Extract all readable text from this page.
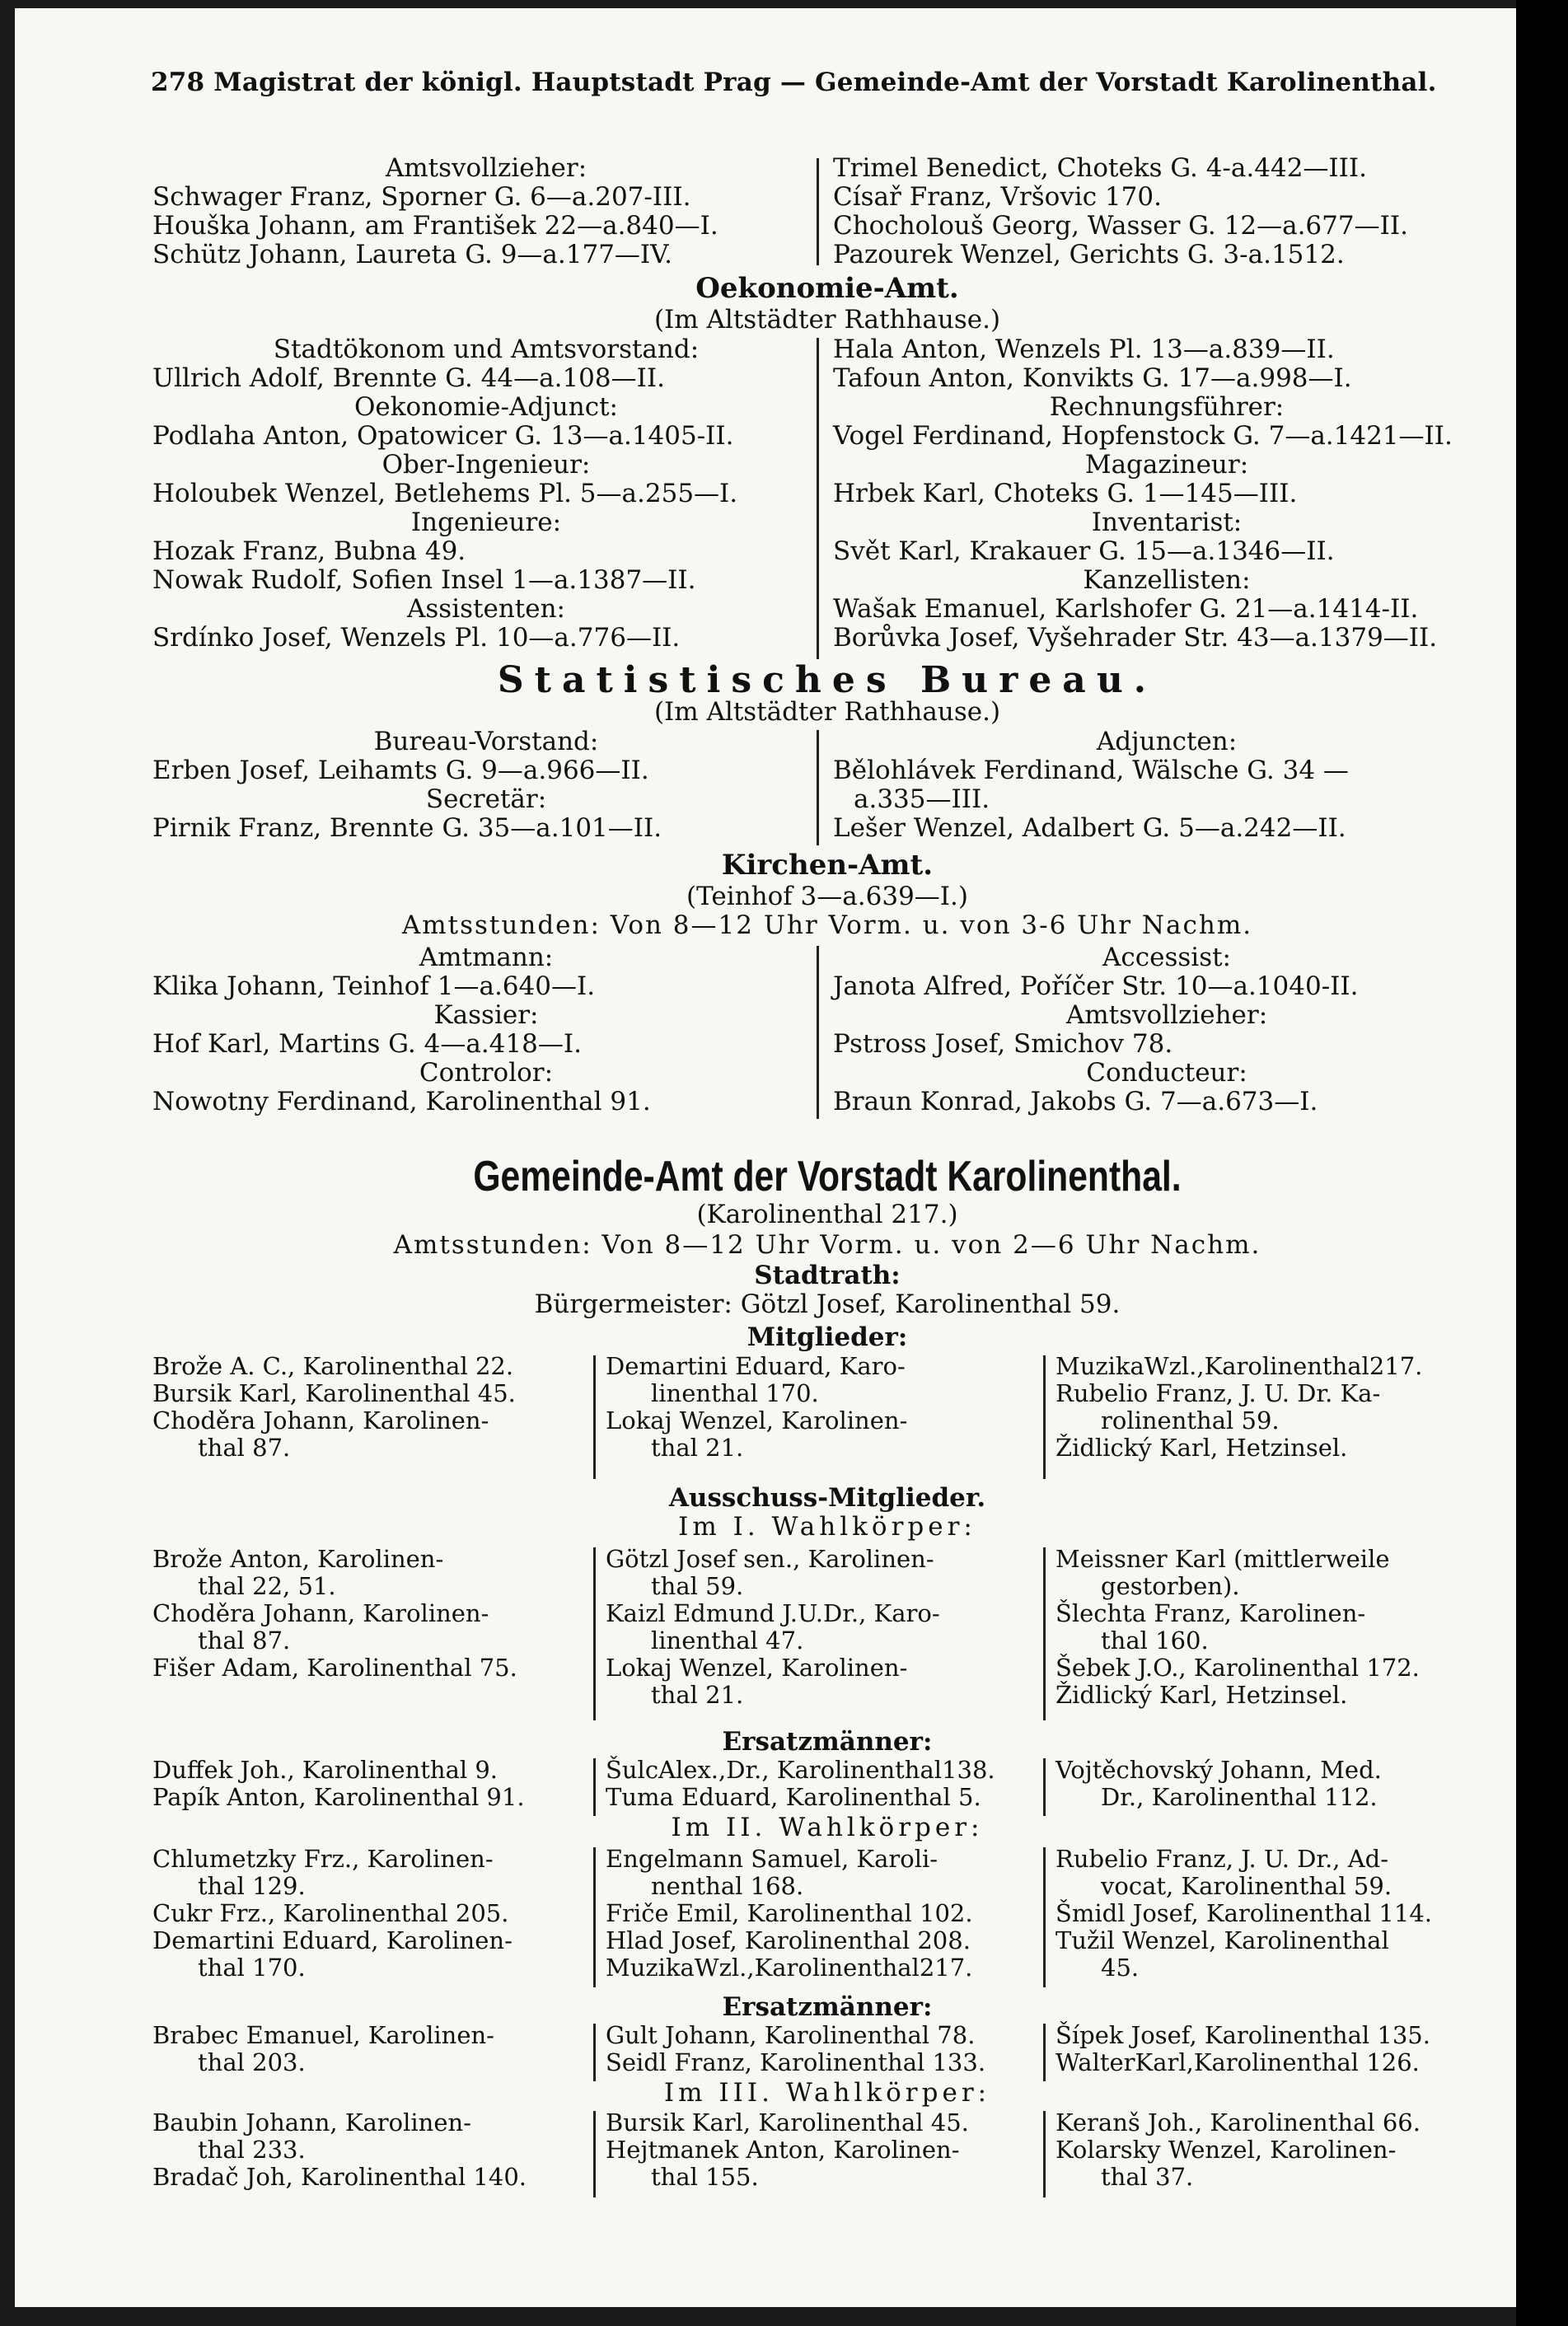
278 Magistrat der königl. Hauptstadt Prag — Gemeinde-Amt der Vorstadt Karolinenthal.
Amtsvollzieher:
Schwager Franz, Sporner G. 6—a.207-III.
Houška Johann, am František 22—a.840—I.
Schütz Johann, Laureta G. 9—a.177—IV.
Trimel Benedict, Choteks G. 4-a.442—III.
Císař Franz, Vršovic 170.
Chocholouš Georg, Wasser G. 12—a.677—II.
Pazourek Wenzel, Gerichts G. 3-a.1512.
Oekonomie-Amt.
(Im Altstädter Rathhause.)
Stadtökonom und Amtsvorstand:
Ullrich Adolf, Brennte G. 44—a.108—II.
Oekonomie-Adjunct:
Podlaha Anton, Opatowicer G. 13—a.1405-II.
Ober-Ingenieur:
Holoubek Wenzel, Betlehems Pl. 5—a.255—I.
Ingenieure:
Hozak Franz, Bubna 49.
Nowak Rudolf, Sofien Insel 1—a.1387—II.
Assistenten:
Srdínko Josef, Wenzels Pl. 10—a.776—II.
Hala Anton, Wenzels Pl. 13—a.839—II.
Tafoun Anton, Konvikts G. 17—a.998—I.
Rechnungsführer:
Vogel Ferdinand, Hopfenstock G. 7—a.1421—II.
Magazineur:
Hrbek Karl, Choteks G. 1—145—III.
Inventarist:
Svět Karl, Krakauer G. 15—a.1346—II.
Kanzellisten:
Wašak Emanuel, Karlshofer G. 21—a.1414-II.
Borůvka Josef, Vyšehrader Str. 43—a.1379—II.
Statistisches Bureau.
(Im Altstädter Rathhause.)
Bureau-Vorstand:
Erben Josef, Leihamts G. 9—a.966—II.
Secretär:
Pirnik Franz, Brennte G. 35—a.101—II.
Adjuncten:
Bělohlávek Ferdinand, Wälsche G. 34 —
a.335—III.
Lešer Wenzel, Adalbert G. 5—a.242—II.
Kirchen-Amt.
(Teinhof 3—a.639—I.)
Amtsstunden: Von 8—12 Uhr Vorm. u. von 3-6 Uhr Nachm.
Amtmann:
Klika Johann, Teinhof 1—a.640—I.
Kassier:
Hof Karl, Martins G. 4—a.418—I.
Controlor:
Nowotny Ferdinand, Karolinenthal 91.
Accessist:
Janota Alfred, Poříčer Str. 10—a.1040-II.
Amtsvollzieher:
Pstross Josef, Smichov 78.
Conducteur:
Braun Konrad, Jakobs G. 7—a.673—I.
Gemeinde-Amt der Vorstadt Karolinenthal.
(Karolinenthal 217.)
Amtsstunden: Von 8—12 Uhr Vorm. u. von 2—6 Uhr Nachm.
Stadtrath:
Bürgermeister: Götzl Josef, Karolinenthal 59.
Mitglieder:
Brože A. C., Karolinenthal 22.
Bursik Karl, Karolinenthal 45.
Choděra Johann, Karolinen-
thal 87.
Demartini Eduard, Karo-
linenthal 170.
Lokaj Wenzel, Karolinen-
thal 21.
MuzikaWzl.,Karolinenthal217.
Rubelio Franz, J. U. Dr. Ka-
rolinenthal 59.
Židlický Karl, Hetzinsel.
Ausschuss-Mitglieder.
Im I. Wahlkörper:
Brože Anton, Karolinen-
thal 22, 51.
Choděra Johann, Karolinen-
thal 87.
Fišer Adam, Karolinenthal 75.
Götzl Josef sen., Karolinen-
thal 59.
Kaizl Edmund J.U.Dr., Karo-
linenthal 47.
Lokaj Wenzel, Karolinen-
thal 21.
Meissner Karl (mittlerweile
gestorben).
Šlechta Franz, Karolinen-
thal 160.
Šebek J.O., Karolinenthal 172.
Židlický Karl, Hetzinsel.
Ersatzmänner:
Duffek Joh., Karolinenthal 9.
Papík Anton, Karolinenthal 91.
ŠulcAlex.,Dr., Karolinenthal138.
Tuma Eduard, Karolinenthal 5.
Vojtěchovský Johann, Med.
Dr., Karolinenthal 112.
Im II. Wahlkörper:
Chlumetzky Frz., Karolinen-
thal 129.
Cukr Frz., Karolinenthal 205.
Demartini Eduard, Karolinen-
thal 170.
Engelmann Samuel, Karoli-
nenthal 168.
Friče Emil, Karolinenthal 102.
Hlad Josef, Karolinenthal 208.
MuzikaWzl.,Karolinenthal217.
Rubelio Franz, J. U. Dr., Ad-
vocat, Karolinenthal 59.
Šmidl Josef, Karolinenthal 114.
Tužil Wenzel, Karolinenthal
45.
Ersatzmänner:
Brabec Emanuel, Karolinen-
thal 203.
Gult Johann, Karolinenthal 78.
Seidl Franz, Karolinenthal 133.
Šípek Josef, Karolinenthal 135.
WalterKarl,Karolinenthal 126.
Im III. Wahlkörper:
Baubin Johann, Karolinen-
thal 233.
Bradač Joh, Karolinenthal 140.
Bursik Karl, Karolinenthal 45.
Hejtmanek Anton, Karolinen-
thal 155.
Keranš Joh., Karolinenthal 66.
Kolarsky Wenzel, Karolinen-
thal 37.
